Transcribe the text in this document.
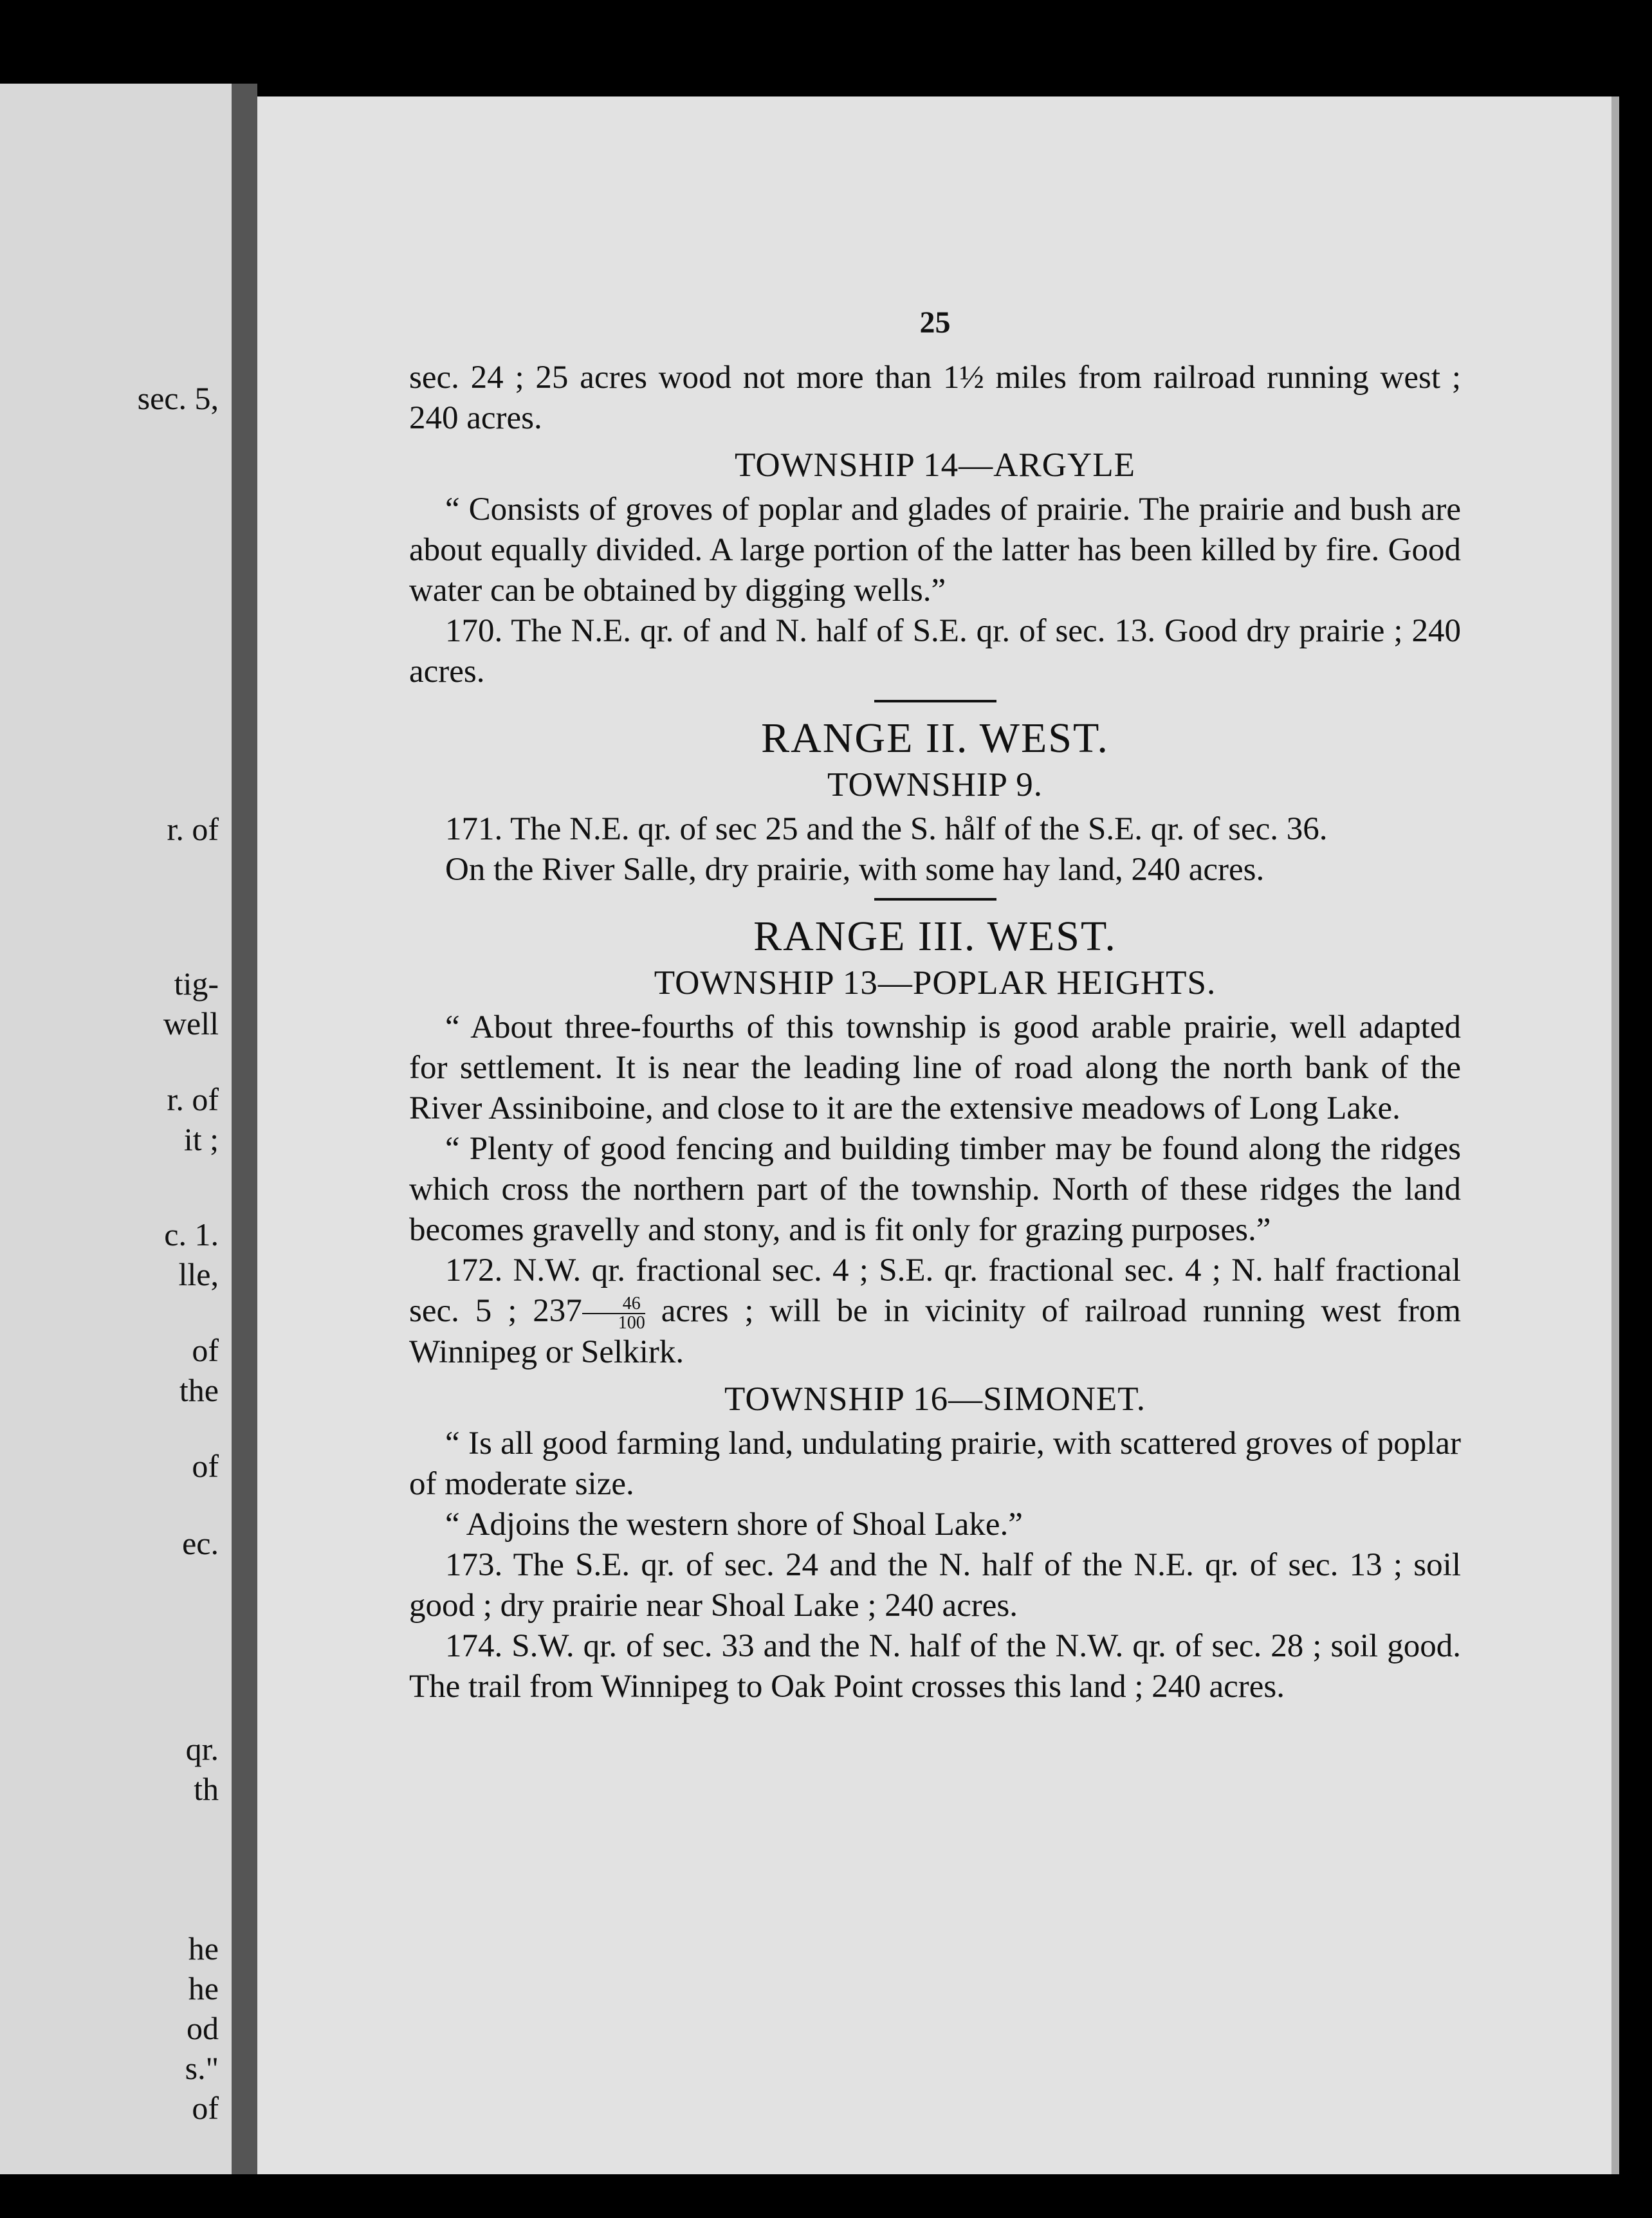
sec. 5,
r. of
tig-
well
r. of
it ;
c. 1.
lle,
of
the
of
ec.
qr.
th
he
he
od
s."
of
25

sec. 24 ; 25 acres wood not more than 1½ miles from railroad running west ; 240 acres.

TOWNSHIP 14—ARGYLE

“ Consists of groves of poplar and glades of prairie. The prairie and bush are about equally divided. A large portion of the latter has been killed by fire. Good water can be obtained by digging wells.”

170. The N.E. qr. of and N. half of S.E. qr. of sec. 13. Good dry prairie ; 240 acres.

RANGE II. WEST.
TOWNSHIP 9.

171. The N.E. qr. of sec 25 and the S. hålf of the S.E. qr. of sec. 36.

On the River Salle, dry prairie, with some hay land, 240 acres.

RANGE III. WEST.
TOWNSHIP 13—POPLAR HEIGHTS.

“ About three-fourths of this township is good arable prairie, well adapted for settlement. It is near the leading line of road along the north bank of the River Assiniboine, and close to it are the extensive meadows of Long Lake.

“ Plenty of good fencing and building timber may be found along the ridges which cross the northern part of the township. North of these ridges the land becomes gravelly and stony, and is fit only for grazing purposes.”

172. N.W. qr. fractional sec. 4 ; S.E. qr. fractional sec. 4 ; N. half fractional sec. 5 ; $237 \frac{46}{100}$ acres ; will be in vicinity of railroad running west from Winnipeg or Selkirk.

TOWNSHIP 16—SIMONET.

“ Is all good farming land, undulating prairie, with scattered groves of poplar of moderate size.

“ Adjoins the western shore of Shoal Lake.”

173. The S.E. qr. of sec. 24 and the N. half of the N.E. qr. of sec. 13 ; soil good ; dry prairie near Shoal Lake ; 240 acres.

174. S.W. qr. of sec. 33 and the N. half of the N.W. qr. of sec. 28 ; soil good. The trail from Winnipeg to Oak Point crosses this land ; 240 acres.
